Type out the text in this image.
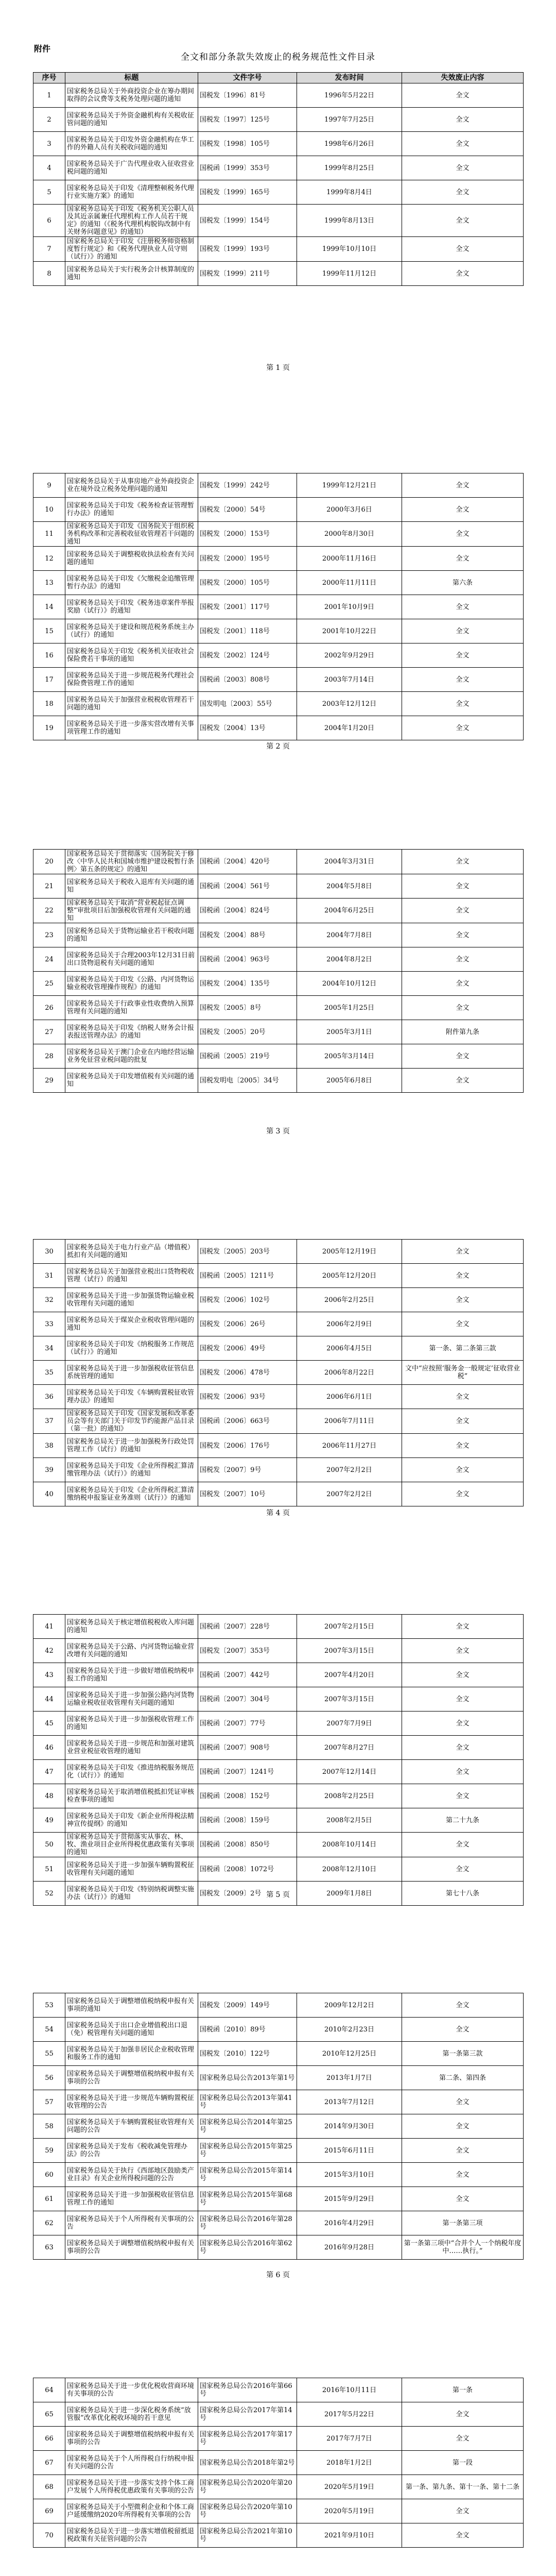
附件
全文和部分条款失效废止的税务规范性文件目录
序号	标题	文件字号	发布时间	失效废止内容
1	国家税务总局关于外商投资企业在筹办期间取得的会议费等支税务处理问题的通知	国税发〔1996〕81号	1996年5月22日	全文
2	国家税务总局关于外资金融机构有关税收征管问题的通知	国税发〔1997〕125号	1997年7月25日	全文
3	国家税务总局关于印发外资金融机构在华工作的外籍人员有关税收问题的通知	国税发〔1998〕105号	1998年6月26日	全文
4	国家税务总局关于广告代理业收入征收营业税问题的通知	国税函〔1999〕353号	1999年8月25日	全文
5	国家税务总局关于印发《清理整顿税务代理行业实施方案》的通知	国税发〔1999〕165号	1999年8月4日	全文
6	国家税务总局关于印发《税务机关公职人员及其近亲属兼任代理机构工作人员若干规定》的通知（《税务代理机构脱钩改制中有关财务问题意见》的通知）	国税发〔1999〕154号	1999年8月13日	全文
7	国家税务总局关于印发《注册税务师资格制度暂行规定》和《税务代理执业人员守则（试行）》的通知	国税发〔1999〕193号	1999年10月10日	全文
8	国家税务总局关于实行税务会计核算制度的通知	国税发〔1999〕211号	1999年11月12日	全文
第 1 页
9	国家税务总局关于从事房地产业外商投资企业在境外设立税务处理问题的通知	国税发〔1999〕242号	1999年12月21日	全文
10	国家税务总局关于印发《税务检查证管理暂行办法》的通知	国税发〔2000〕54号	2000年3月6日	全文
11	国家税务总局关于印发《国务院关于组织税务机构改革和完善税收征收管理若干问题的通知	国税发〔2000〕153号	2000年8月30日	全文
12	国家税务总局关于调整税收执法检查有关问题的通知	国税发〔2000〕195号	2000年11月16日	全文
13	国家税务总局关于印发《欠缴税金追缴管理暂行办法》的通知	国税发〔2000〕105号	2000年11月11日	第六条
14	国家税务总局关于印发《税务违章案件举报奖励（试行）》的通知	国税发〔2001〕117号	2001年10月9日	全文
15	国家税务总局关于建设和规范税务系统主办（试行）的通知	国税发〔2001〕118号	2001年10月22日	全文
16	国家税务总局关于印发《税务机关征收社会保险费若干事项的通知	国税发〔2002〕124号	2002年9月29日	全文
17	国家税务总局关于进一步规范税务代理社会保险费管理工作的通知	国税函〔2003〕808号	2003年7月14日	全文
18	国家税务总局关于加强营业税税收管理若干问题的通知	国发明电〔2003〕55号	2003年12月12日	全文
19	国家税务总局关于进一步落实营改增有关事项管理工作的通知	国税发〔2004〕13号	2004年1月20日	全文
第 2 页
20	国家税务总局关于贯彻落实《国务院关于修改〈中华人民共和国城市维护建设税暂行条例〉第五条的规定》的通知	国税函〔2004〕420号	2004年3月31日	全文
21	国家税务总局关于税收入退库有关问题的通知	国税函〔2004〕561号	2004年5月8日	全文
22	国家税务总局关于取消“营业税起征点调整”审批项目后加强税收管理有关问题的通知	国税函〔2004〕824号	2004年6月25日	全文
23	国家税务总局关于货物运输业若干税收问题的通知	国税发〔2004〕88号	2004年7月8日	全文
24	国家税务总局关于合理2003年12月31日前出口货物退税有关问题的通知	国税函〔2004〕963号	2004年8月2日	全文
25	国家税务总局关于印发《公路、内河货物运输业税收管理操作规程》的通知	国税发〔2004〕135号	2004年10月12日	全文
26	国家税务总局关于行政事业性收费纳入预算管理有关问题的通知	国税发〔2005〕8号	2005年1月25日	全文
27	国家税务总局关于印发《纳税人财务会计报表报送管理办法》的通知	国税发〔2005〕20号	2005年3月1日	附件第九条
28	国家税务总局关于澳门企业在内地经营运输业务免征营业税问题的批复	国税函〔2005〕219号	2005年3月14日	全文
29	国家税务总局关于印发增值税有关问题的通知	国税发明电〔2005〕34号	2005年6月8日	全文
第 3 页
30	国家税务总局关于电力行业产品（增值税）抵扣有关问题的通知	国税发〔2005〕203号	2005年12月19日	全文
31	国家税务总局关于加强营业税出口货物税收管理（试行）的通知	国税函〔2005〕1211号	2005年12月20日	全文
32	国家税务总局关于进一步加强货物运输业税收管理有关问题的通知	国税发〔2006〕102号	2006年2月25日	全文
33	国家税务总局关于煤炭企业税收管理问题的通知	国税发〔2006〕26号	2006年2月9日	全文
34	国家税务总局关于印发《纳税服务工作规范（试行）》的通知	国税发〔2006〕49号	2006年4月5日	第一条、第二条第三款
35	国家税务总局关于进一步加强税收征管信息系统管理的通知	国税发〔2006〕478号	2006年8月22日	文中“应按照‘服务金一般规定’征收营业税”
36	国家税务总局关于印发《车辆购置税征收管理办法》的通知	国税发〔2006〕93号	2006年6月1日	全文
37	国家税务总局关于印发《国家发展和改革委员会等有关部门关于印发节约能源产品目录（第一批）的通知》	国税函〔2006〕663号	2006年7月11日	全文
38	国家税务总局关于进一步加强税务行政处罚管理工作（试行）的通知	国税发〔2006〕176号	2006年11月27日	全文
39	国家税务总局关于印发《企业所得税汇算清缴管理办法（试行）》的通知	国税发〔2007〕9号	2007年2月2日	全文
40	国家税务总局关于印发《企业所得税汇算清缴纳税申报鉴证业务准则（试行）》的通知	国税发〔2007〕10号	2007年2月2日	全文
第 4 页
41	国家税务总局关于核定增值税税收入库问题的通知	国税函〔2007〕228号	2007年2月15日	全文
42	国家税务总局关于公路、内河货物运输业营改增有关问题的通知	国税发〔2007〕353号	2007年3月15日	全文
43	国家税务总局关于进一步做好增值税纳税申报工作的通知	国税函〔2007〕442号	2007年4月20日	全文
44	国家税务总局关于进一步加强公路内河货物运输业税收征收管理有关问题的通知	国税函〔2007〕304号	2007年3月15日	全文
45	国家税务总局关于进一步加强税收管理工作的通知	国税函〔2007〕77号	2007年7月9日	全文
46	国家税务总局关于进一步规范和加强对建筑业营业税征收管理的通知	国税函〔2007〕908号	2007年8月27日	全文
47	国家税务总局关于印发《推进纳税服务规范化（试行）》的通知	国税函〔2007〕1241号	2007年12月14日	全文
48	国家税务总局关于取消增值税抵扣凭证审核检查事项的通知	国税函〔2008〕152号	2008年2月25日	全文
49	国家税务总局关于印发《新企业所得税法精神宣传提纲》的通知	国税函〔2008〕159号	2008年2月5日	第二十九条
50	国家税务总局关于贯彻落实从事农、林、牧、渔业项目企业所得税优惠政策有关事项的通知	国税函〔2008〕850号	2008年10月14日	全文
51	国家税务总局关于进一步加强车辆购置税征收管理有关问题的通知	国税函〔2008〕1072号	2008年12月10日	全文
52	国家税务总局关于印发《特别纳税调整实施办法（试行）》的通知	国税发〔2009〕2号	2009年1月8日	第七十八条
第 5 页
53	国家税务总局关于调整增值税纳税申报有关事项的通知	国税发〔2009〕149号	2009年12月2日	全文
54	国家税务总局关于出口企业增值税出口退（免）税管理有关问题的通知	国税函〔2010〕89号	2010年2月23日	全文
55	国家税务总局关于加强非居民企业税收管理和服务工作的通知	国税发〔2010〕122号	2010年12月25日	第一条第三款
56	国家税务总局关于调整增值税纳税申报有关事项的公告	国家税务总局公告2013年第1号	2013年1月7日	第二条、第四条
57	国家税务总局关于进一步规范车辆购置税征收管理的公告	国家税务总局公告2013年第41号	2013年7月12日	全文
58	国家税务总局关于车辆购置税征收管理有关问题的公告	国家税务总局公告2014年第25号	2014年9月30日	全文
59	国家税务总局关于发布《税收减免管理办法》的公告	国家税务总局公告2015年第25号	2015年6月11日	全文
60	国家税务总局关于执行《西部地区鼓励类产业目录》有关企业所得税问题的公告	国家税务总局公告2015年第14号	2015年3月10日	全文
61	国家税务总局关于进一步加强税收征管信息管理工作的通知	国家税务总局公告2015年第68号	2015年9月29日	全文
62	国家税务总局关于个人所得税有关事项的公告	国家税务总局公告2016年第28号	2016年4月29日	第一条第三项
63	国家税务总局关于调整增值税纳税申报有关事项的公告	国家税务总局公告2016年第62号	2016年9月28日	第一条第三项中“合并个人一个纳税年度中……执行。”
第 6 页
64	国家税务总局关于进一步优化税收营商环境有关事项的公告	国家税务总局公告2016年第66号	2016年10月11日	第一条
65	国家税务总局关于进一步深化税务系统“放管服”改革优化税收环境的若干意见	国家税务总局公告2017年第14号	2017年5月22日	全文
66	国家税务总局关于调整增值税纳税申报有关事项的公告	国家税务总局公告2017年第17号	2017年7月7日	全文
67	国家税务总局关于个人所得税自行纳税申报有关问题的公告	国家税务总局公告2018年第2号	2018年1月2日	第一段
68	国家税务总局关于进一步落实支持个体工商户发展个人所得税优惠政策有关事项的公告	国家税务总局公告2020年第20号	2020年5月19日	第一条、第九条、第十一条、第十二条
69	国家税务总局关于小型微利企业和个体工商户延缓缴纳2020年所得税有关事项的公告	国家税务总局公告2020年第10号	2020年5月19日	全文
70	国家税务总局关于进一步落实增值税留抵退税政策有关征管问题的公告	国家税务总局公告2021年第10号	2021年9月10日	全文
